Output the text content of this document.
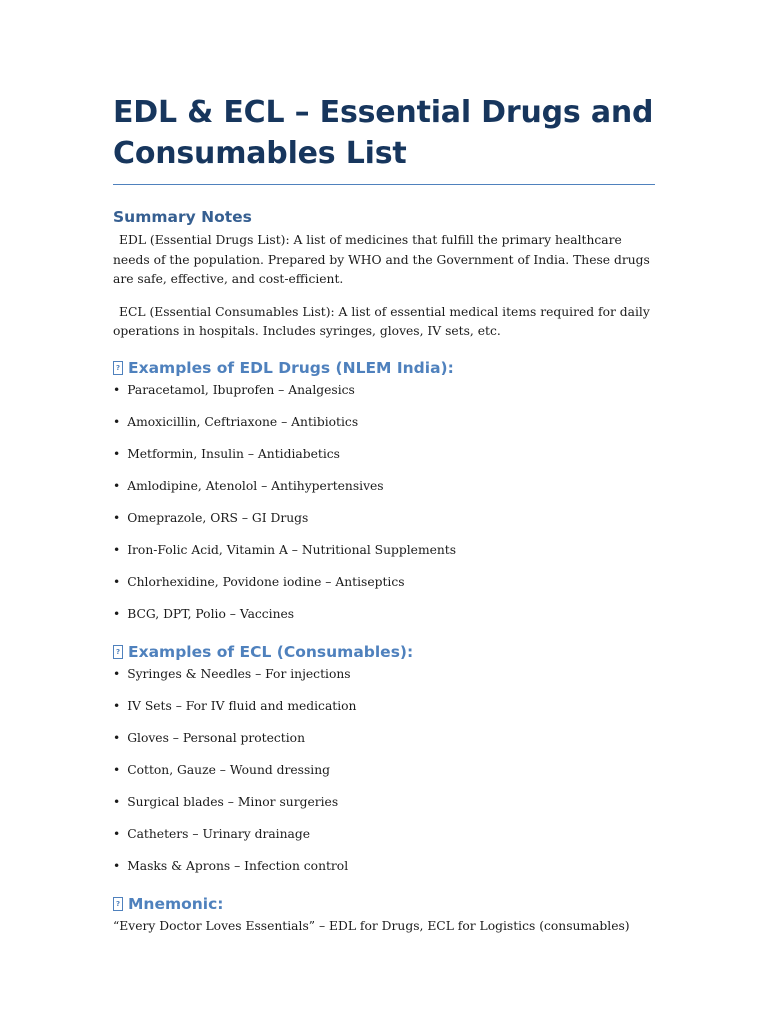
EDL & ECL – Essential Drugs and Consumables List
Summary Notes

EDL (Essential Drugs List): A list of medicines that fulfill the primary healthcare needs of the population. Prepared by WHO and the Government of India. These drugs are safe, effective, and cost-efficient.

ECL (Essential Consumables List): A list of essential medical items required for daily operations in hospitals. Includes syringes, gloves, IV sets, etc.

? Examples of EDL Drugs (NLEM India):
• Paracetamol, Ibuprofen – Analgesics
• Amoxicillin, Ceftriaxone – Antibiotics
• Metformin, Insulin – Antidiabetics
• Amlodipine, Atenolol – Antihypertensives
• Omeprazole, ORS – GI Drugs
• Iron-Folic Acid, Vitamin A – Nutritional Supplements
• Chlorhexidine, Povidone iodine – Antiseptics
• BCG, DPT, Polio – Vaccines
? Examples of ECL (Consumables):
• Syringes & Needles – For injections
• IV Sets – For IV fluid and medication
• Gloves – Personal protection
• Cotton, Gauze – Wound dressing
• Surgical blades – Minor surgeries
• Catheters – Urinary drainage
• Masks & Aprons – Infection control
? Mnemonic:

“Every Doctor Loves Essentials” – EDL for Drugs, ECL for Logistics (consumables)
